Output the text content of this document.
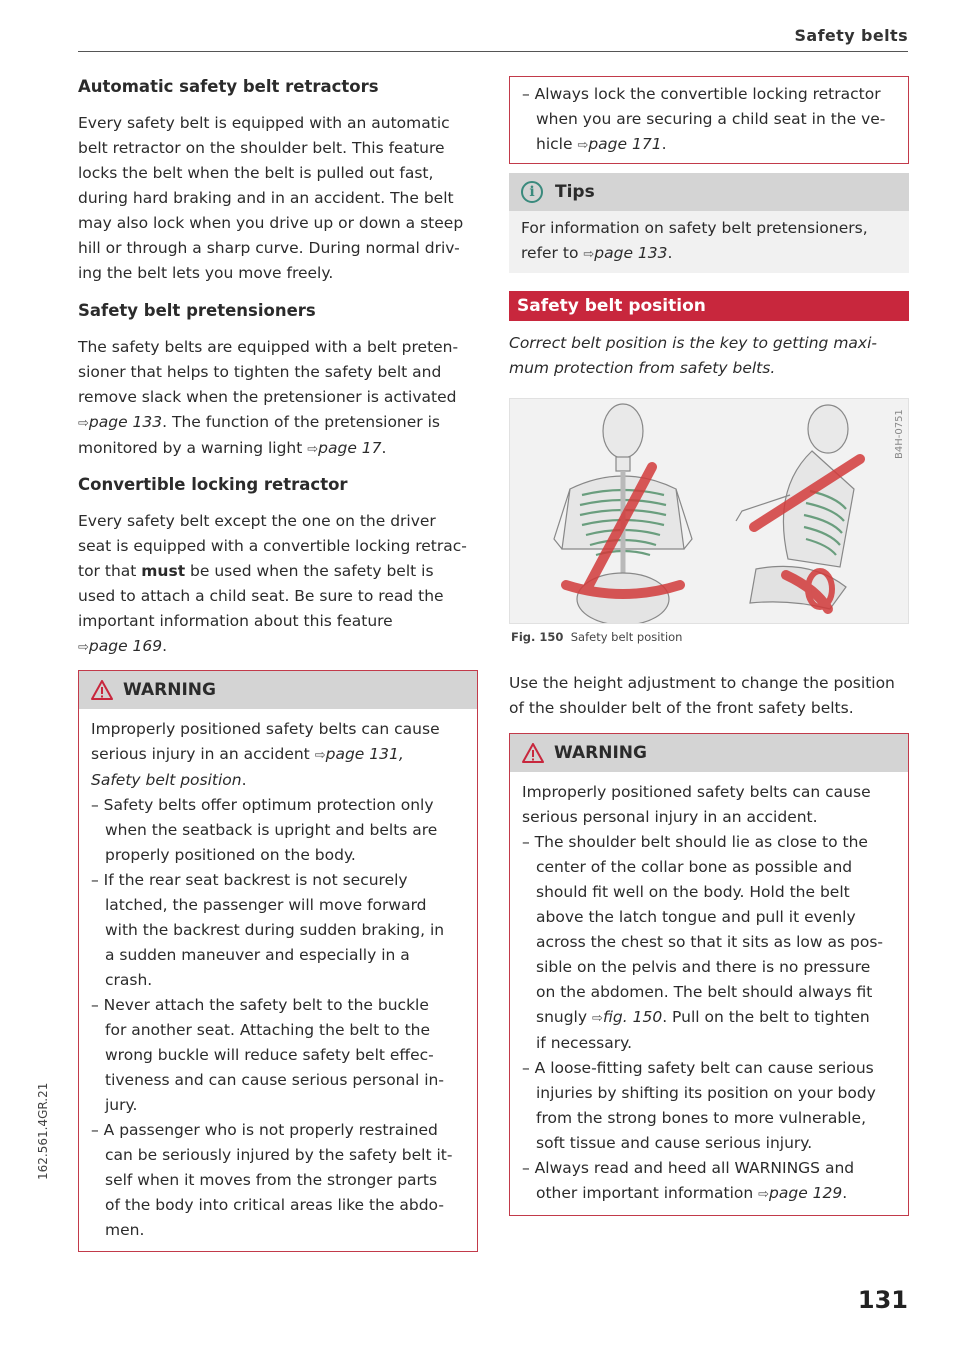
Safety belts
Automatic safety belt retractors

Every safety belt is equipped with an automatic

belt retractor on the shoulder belt. This feature

locks the belt when the belt is pulled out fast,

during hard braking and in an accident. The belt

may also lock when you drive up or down a steep

hill or through a sharp curve. During normal driv-

ing the belt lets you move freely.

Safety belt pretensioners

The safety belts are equipped with a belt preten-

sioner that helps to tighten the safety belt and

remove slack when the pretensioner is activated

⇨page 133. The function of the pretensioner is

monitored by a warning light ⇨page 17.

Convertible locking retractor

Every safety belt except the one on the driver

seat is equipped with a convertible locking retrac-

tor that must be used when the safety belt is

used to attach a child seat. Be sure to read the

important information about this feature

⇨page 169.

WARNING

Improperly positioned safety belts can cause

serious injury in an accident ⇨page 131,

Safety belt position.

– Safety belts offer optimum protection only
when the seatback is upright and belts are
properly positioned on the body.
– If the rear seat backrest is not securely
latched, the passenger will move forward
with the backrest during sudden braking, in
a sudden maneuver and especially in a
crash.
– Never attach the safety belt to the buckle
for another seat. Attaching the belt to the
wrong buckle will reduce safety belt effec-
tiveness and can cause serious personal in-
jury.
– A passenger who is not properly restrained
can be seriously injured by the safety belt it-
self when it moves from the stronger parts
of the body into critical areas like the abdo-
men.

– Always lock the convertible locking retractor

when you are securing a child seat in the ve-

hicle ⇨page 171.

i	Tips

For information on safety belt pretensioners,

refer to ⇨page 133.

Safety belt position

Correct belt position is the key to getting maxi-

mum protection from safety belts.

B4H-0751
Fig. 150 Safety belt position

Use the height adjustment to change the position

of the shoulder belt of the front safety belts.

WARNING

Improperly positioned safety belts can cause

serious personal injury in an accident.

– The shoulder belt should lie as close to the
center of the collar bone as possible and
should fit well on the body. Hold the belt
above the latch tongue and pull it evenly
across the chest so that it sits as low as pos-
sible on the pelvis and there is no pressure
on the abdomen. The belt should always fit
snugly ⇨fig. 150. Pull on the belt to tighten
if necessary.
– A loose-fitting safety belt can cause serious
injuries by shifting its position on your body
from the strong bones to more vulnerable,
soft tissue and cause serious injury.
– Always read and heed all WARNINGS and
other important information ⇨page 129.
162.561.4GR.21
131
